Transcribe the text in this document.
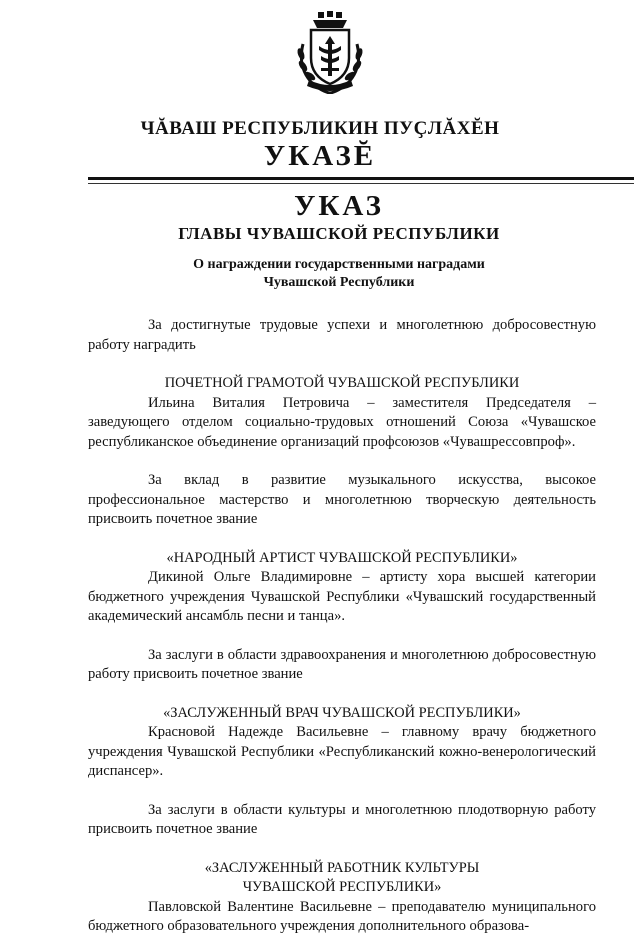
ЧĂВАШ РЕСПУБЛИКИН ПУҪЛĂХĔН
УКАЗĔ
УКАЗ
ГЛАВЫ ЧУВАШСКОЙ РЕСПУБЛИКИ
О награждении государственными наградами
Чувашской Республики

За достигнутые трудовые успехи и многолетнюю добросовестную работу наградить

ПОЧЕТНОЙ ГРАМОТОЙ ЧУВАШСКОЙ РЕСПУБЛИКИ

Ильина Виталия Петровича – заместителя Председателя – заведующего отделом социально-трудовых отношений Союза «Чувашское республиканское объединение организаций профсоюзов «Чувашрессовпроф».

За вклад в развитие музыкального искусства, высокое профессиональное мастерство и многолетнюю творческую деятельность присвоить почетное звание

«НАРОДНЫЙ АРТИСТ ЧУВАШСКОЙ РЕСПУБЛИКИ»

Дикиной Ольге Владимировне – артисту хора высшей категории бюджетного учреждения Чувашской Республики «Чувашский государственный академический ансамбль песни и танца».

За заслуги в области здравоохранения и многолетнюю добросовестную работу присвоить почетное звание

«ЗАСЛУЖЕННЫЙ ВРАЧ ЧУВАШСКОЙ РЕСПУБЛИКИ»

Красновой Надежде Васильевне – главному врачу бюджетного учреждения Чувашской Республики «Республиканский кожно-венерологический диспансер».

За заслуги в области культуры и многолетнюю плодотворную работу присвоить почетное звание

«ЗАСЛУЖЕННЫЙ РАБОТНИК КУЛЬТУРЫ

ЧУВАШСКОЙ РЕСПУБЛИКИ»

Павловской Валентине Васильевне – преподавателю муниципального бюджетного образовательного учреждения дополнительного образова-
